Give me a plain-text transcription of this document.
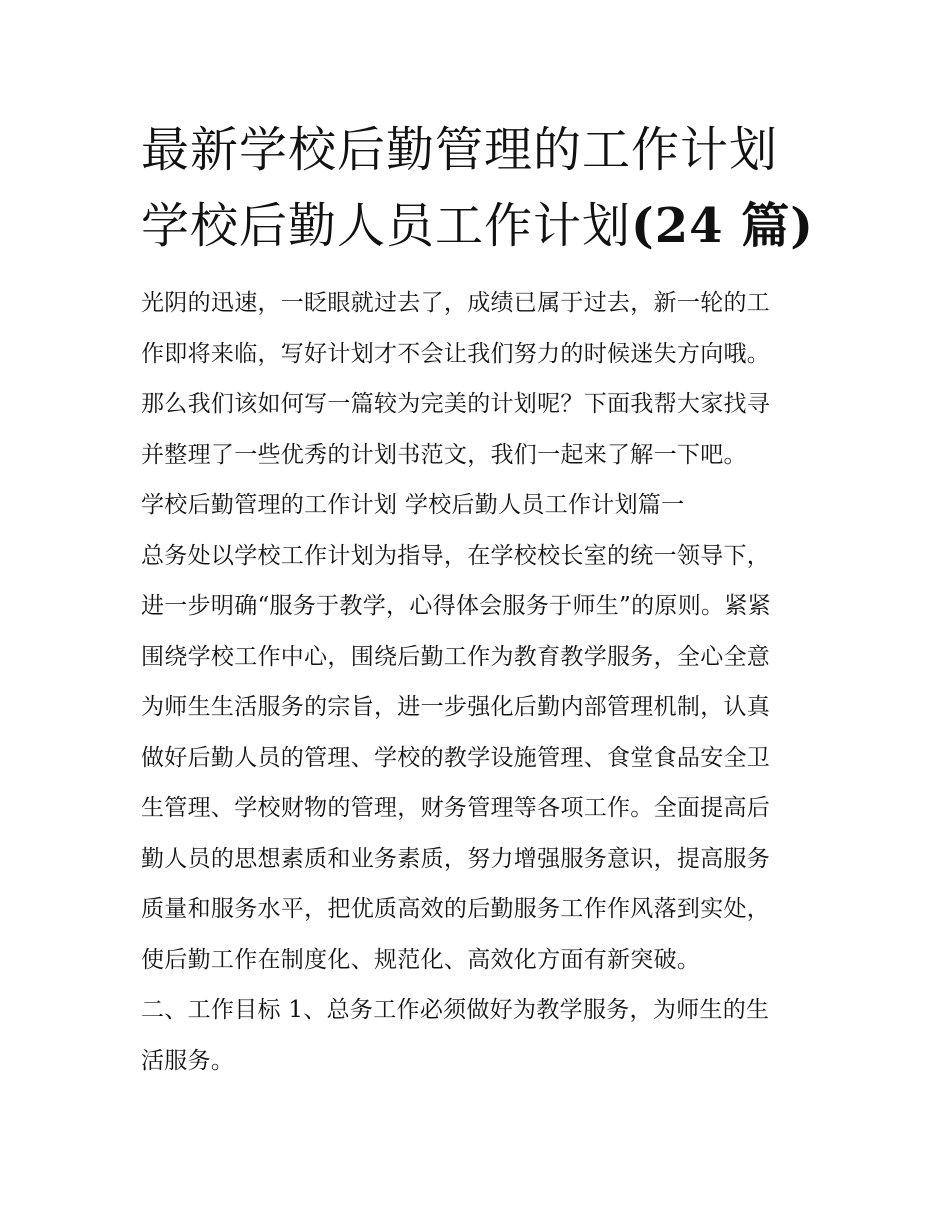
最新学校后勤管理的工作计划
学校后勤人员工作计划(24 篇)

光阴的迅速，一眨眼就过去了，成绩已属于过去，新一轮的工
作即将来临，写好计划才不会让我们努力的时候迷失方向哦。
那么我们该如何写一篇较为完美的计划呢？下面我帮大家找寻
并整理了一些优秀的计划书范文，我们一起来了解一下吧。

学校后勤管理的工作计划 学校后勤人员工作计划篇一

总务处以学校工作计划为指导，在学校校长室的统一领导下，
进一步明确“服务于教学，心得体会服务于师生”的原则。紧紧
围绕学校工作中心，围绕后勤工作为教育教学服务，全心全意
为师生生活服务的宗旨，进一步强化后勤内部管理机制，认真
做好后勤人员的管理、学校的教学设施管理、食堂食品安全卫
生管理、学校财物的管理，财务管理等各项工作。全面提高后
勤人员的思想素质和业务素质，努力增强服务意识，提高服务
质量和服务水平，把优质高效的后勤服务工作作风落到实处，
使后勤工作在制度化、规范化、高效化方面有新突破。

二、工作目标 1、总务工作必须做好为教学服务，为师生的生
活服务。
